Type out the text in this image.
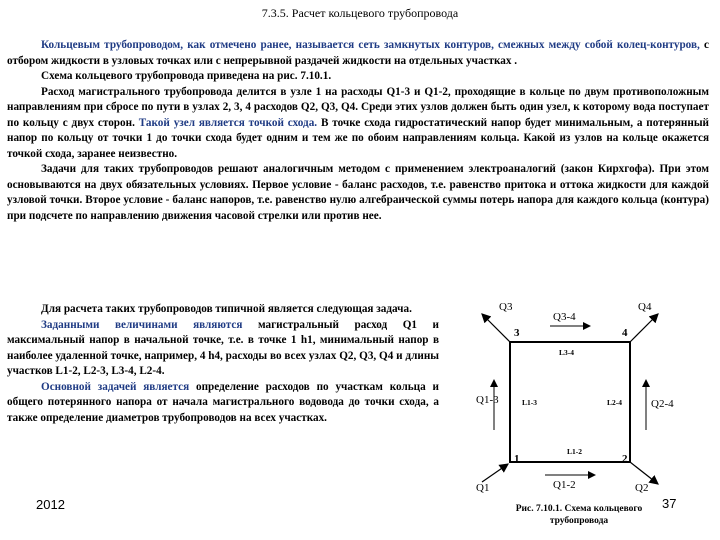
7.3.5. Расчет кольцевого трубопровода

Кольцевым трубопроводом, как отмечено ранее, называется сеть замкнутых контуров, смежных между собой колец-контуров, с отбором жидкости в узловых точках или с непрерывной раздачей жидкости на отдельных участках .

Схема кольцевого трубопровода приведена на рис. 7.10.1.

Расход магистрального трубопровода делится в узле 1 на расходы Q1-3 и Q1-2, проходящие в кольце по двум противоположным направлениям при сбросе по пути в узлах 2, 3, 4 расходов Q2, Q3, Q4. Среди этих узлов должен быть один узел, к которому вода поступает по кольцу с двух сторон. Такой узел является точкой схода. В точке схода гидростатический напор будет минимальным, а потерянный напор по кольцу от точки 1 до точки схода будет одним и тем же по обоим направлениям кольца. Какой из узлов на кольце окажется точкой схода, заранее неизвестно.

Задачи для таких трубопроводов решают аналогичным методом с применением электроаналогий (закон Кирхгофа). При этом основываются на двух обязательных условиях. Первое условие - баланс расходов, т.е. равенство притока и оттока жидкости для каждой узловой точки. Второе условие - баланс напоров, т.е. равенство нулю алгебраической суммы потерь напора для каждого кольца (контура) при подсчете по направлению движения часовой стрелки или против нее.

Для расчета таких трубопроводов типичной является следующая задача.

Заданными величинами являются магистральный расход Q1 и максимальный напор в начальной точке, т.е. в точке 1 h1, минимальный напор в наиболее удаленной точке, например, 4 h4, расходы во всех узлах Q2, Q3, Q4 и длины участков L1-2, L2-3, L3-4, L2-4.

Основной задачей является определение расходов по участкам кольца и общего потерянного напора от начала магистрального водовода до точки схода, а также определение диаметров трубопроводов на всех участках.

Q3
Q3-4
Q4
3	4
L3-4
Q1-3	L1-3	L2-4	Q2-4
L1-2
1	2
Q1-2
Q1	Q2
2012	37
Рис. 7.10.1. Схема кольцевого трубопровода
